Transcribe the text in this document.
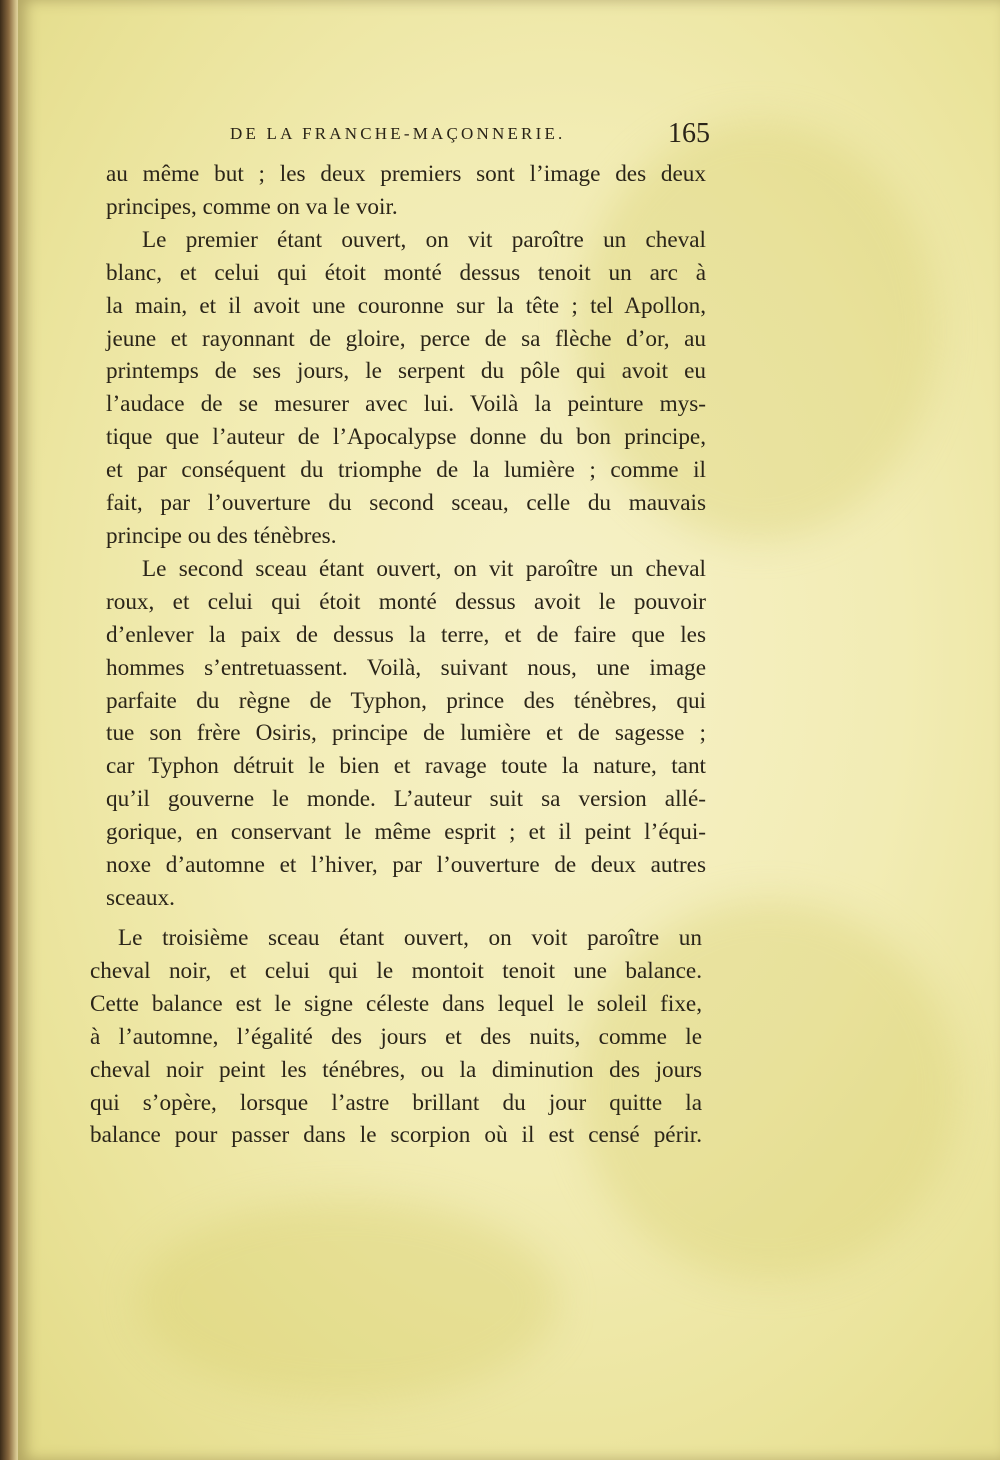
DE LA FRANCHE-MAÇONNERIE.	165
au même but ; les deux premiers sont l’image des deux
principes, comme on va le voir.
Le premier étant ouvert, on vit paroître un cheval
blanc, et celui qui étoit monté dessus tenoit un arc à
la main, et il avoit une couronne sur la tête ; tel Apollon,
jeune et rayonnant de gloire, perce de sa flèche d’or, au
printemps de ses jours, le serpent du pôle qui avoit eu
l’audace de se mesurer avec lui. Voilà la peinture mys-
tique que l’auteur de l’Apocalypse donne du bon principe,
et par conséquent du triomphe de la lumière ; comme il
fait, par l’ouverture du second sceau, celle du mauvais
principe ou des ténèbres.
Le second sceau étant ouvert, on vit paroître un cheval
roux, et celui qui étoit monté dessus avoit le pouvoir
d’enlever la paix de dessus la terre, et de faire que les
hommes s’entretuassent. Voilà, suivant nous, une image
parfaite du règne de Typhon, prince des ténèbres, qui
tue son frère Osiris, principe de lumière et de sagesse ;
car Typhon détruit le bien et ravage toute la nature, tant
qu’il gouverne le monde. L’auteur suit sa version allé-
gorique, en conservant le même esprit ; et il peint l’équi-
noxe d’automne et l’hiver, par l’ouverture de deux autres
sceaux.
Le troisième sceau étant ouvert, on voit paroître un
cheval noir, et celui qui le montoit tenoit une balance.
Cette balance est le signe céleste dans lequel le soleil fixe,
à l’automne, l’égalité des jours et des nuits, comme le
cheval noir peint les ténébres, ou la diminution des jours
qui s’opère, lorsque l’astre brillant du jour quitte la
balance pour passer dans le scorpion où il est censé périr.
